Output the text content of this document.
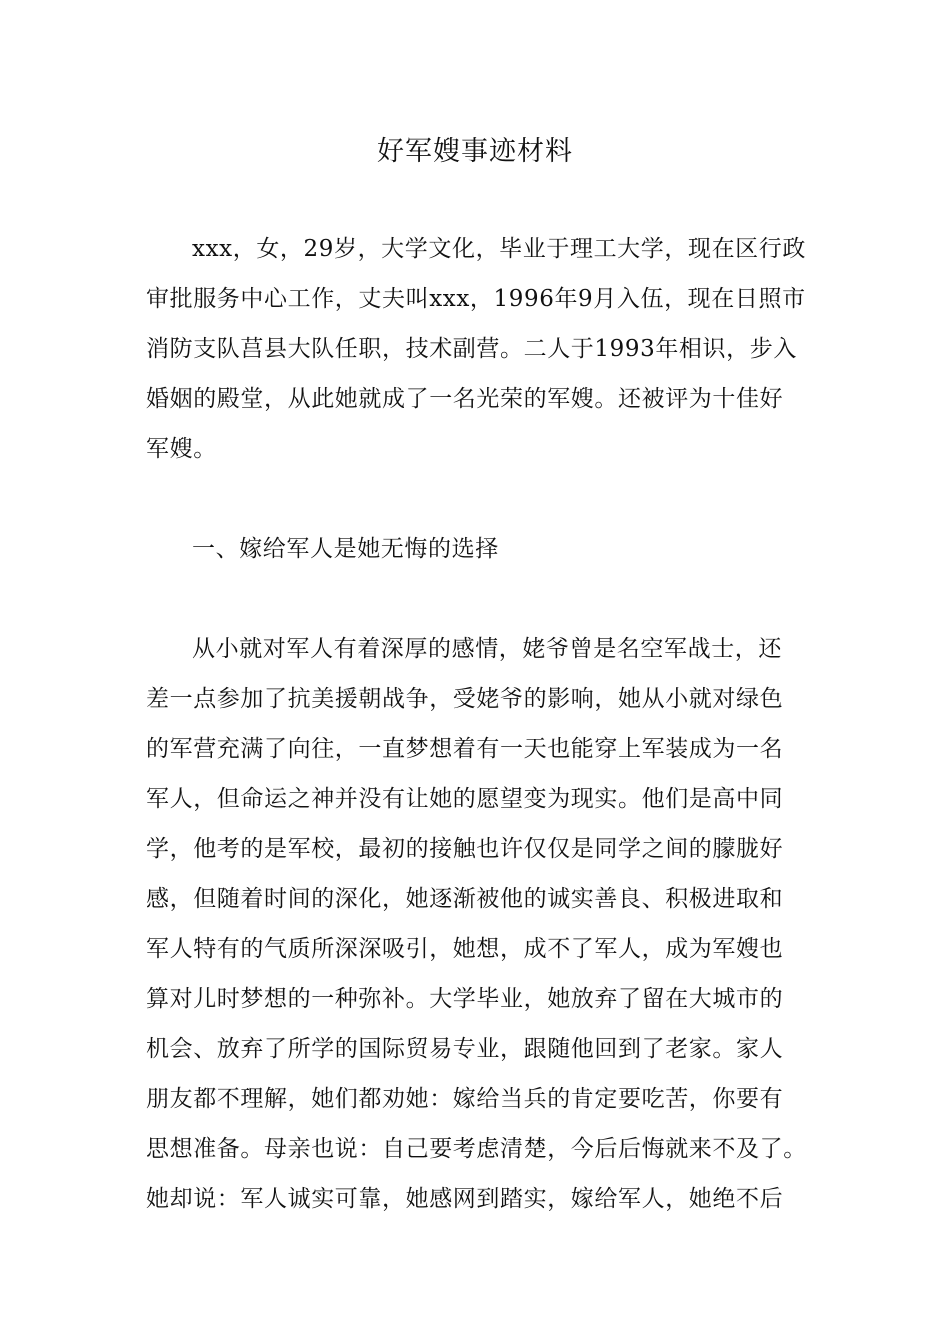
好军嫂事迹材料
xxx，女，29岁，大学文化，毕业于理工大学，现在区行政
审批服务中心工作，丈夫叫xxx，1996年9月入伍，现在日照市
消防支队莒县大队任职，技术副营。二人于1993年相识，步入
婚姻的殿堂，从此她就成了一名光荣的军嫂。还被评为十佳好
军嫂。
一、嫁给军人是她无悔的选择
从小就对军人有着深厚的感情，姥爷曾是名空军战士，还
差一点参加了抗美援朝战争，受姥爷的影响，她从小就对绿色
的军营充满了向往，一直梦想着有一天也能穿上军装成为一名
军人，但命运之神并没有让她的愿望变为现实。他们是高中同
学，他考的是军校，最初的接触也许仅仅是同学之间的朦胧好
感，但随着时间的深化，她逐渐被他的诚实善良、积极进取和
军人特有的气质所深深吸引，她想，成不了军人，成为军嫂也
算对儿时梦想的一种弥补。大学毕业，她放弃了留在大城市的
机会、放弃了所学的国际贸易专业，跟随他回到了老家。家人
朋友都不理解，她们都劝她：嫁给当兵的肯定要吃苦，你要有
思想准备。母亲也说：自己要考虑清楚，今后后悔就来不及了。
她却说：军人诚实可靠，她感网到踏实，嫁给军人，她绝不后
